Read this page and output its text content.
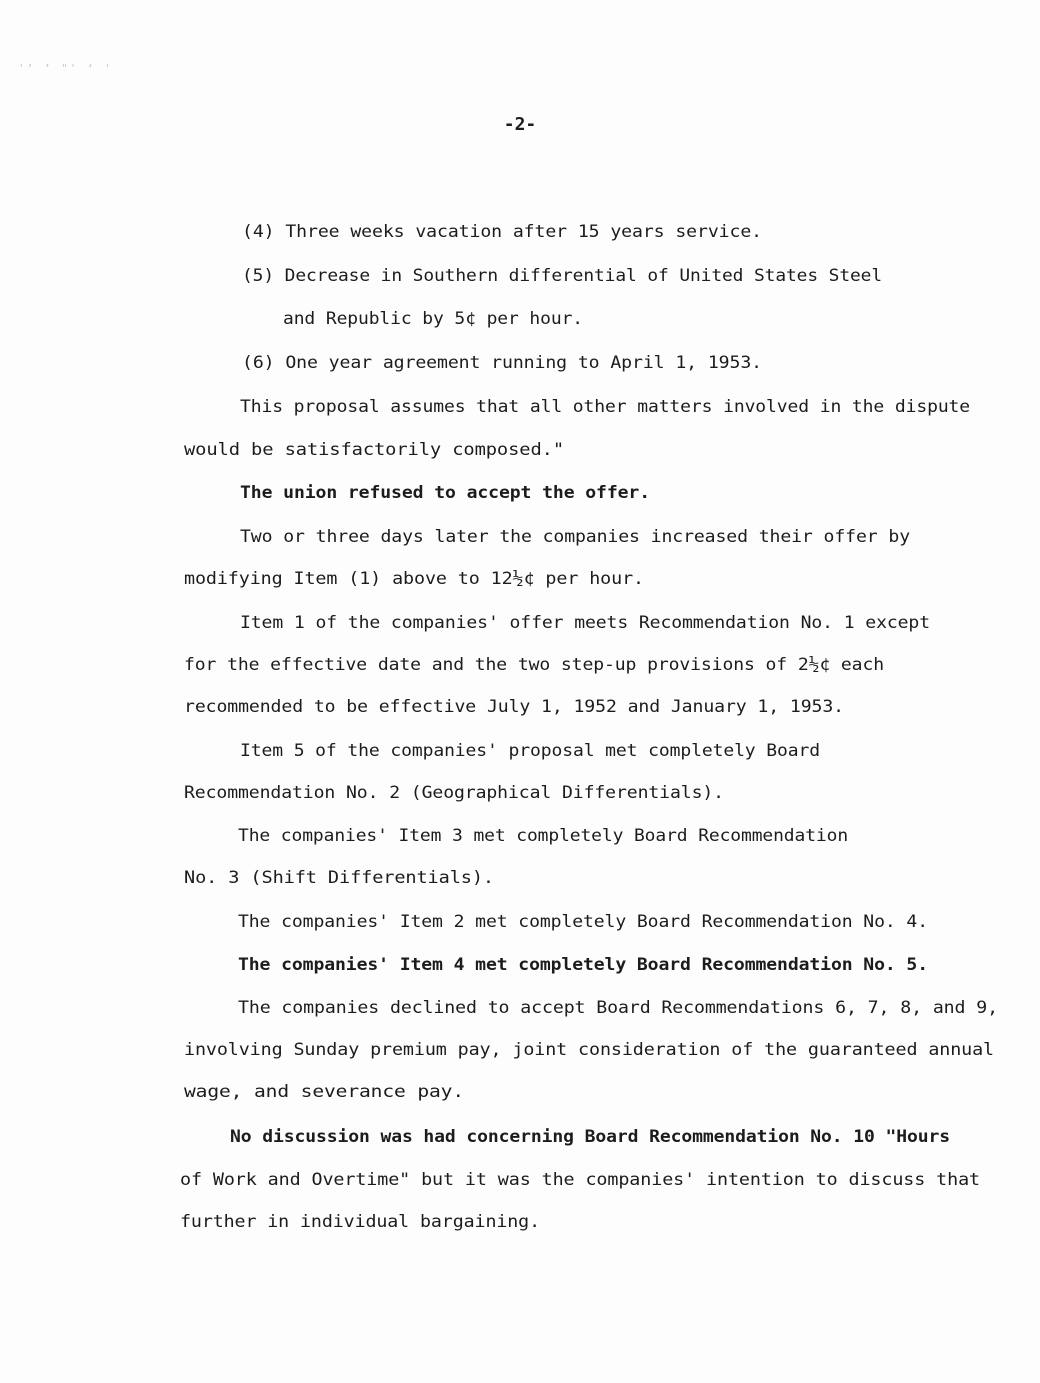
'’ ’ "' ‘ '
-2-
(4) Three weeks vacation after 15 years service.
(5) Decrease in Southern differential of United States Steel
and Republic by 5¢ per hour.
(6) One year agreement running to April 1, 1953.
This proposal assumes that all other matters involved in the dispute
would be satisfactorily composed."
The union refused to accept the offer.
Two or three days later the companies increased their offer by
modifying Item (1) above to 12½¢ per hour.
Item 1 of the companies' offer meets Recommendation No. 1 except
for the effective date and the two step-up provisions of 2½¢ each
recommended to be effective July 1, 1952 and January 1, 1953.
Item 5 of the companies' proposal met completely Board
Recommendation No. 2 (Geographical Differentials).
The companies' Item 3 met completely Board Recommendation
No. 3 (Shift Differentials).
The companies' Item 2 met completely Board Recommendation No. 4.
The companies' Item 4 met completely Board Recommendation No. 5.
The companies declined to accept Board Recommendations 6, 7, 8, and 9,
involving Sunday premium pay, joint consideration of the guaranteed annual
wage, and severance pay.
No discussion was had concerning Board Recommendation No. 10 "Hours
of Work and Overtime" but it was the companies' intention to discuss that
further in individual bargaining.
